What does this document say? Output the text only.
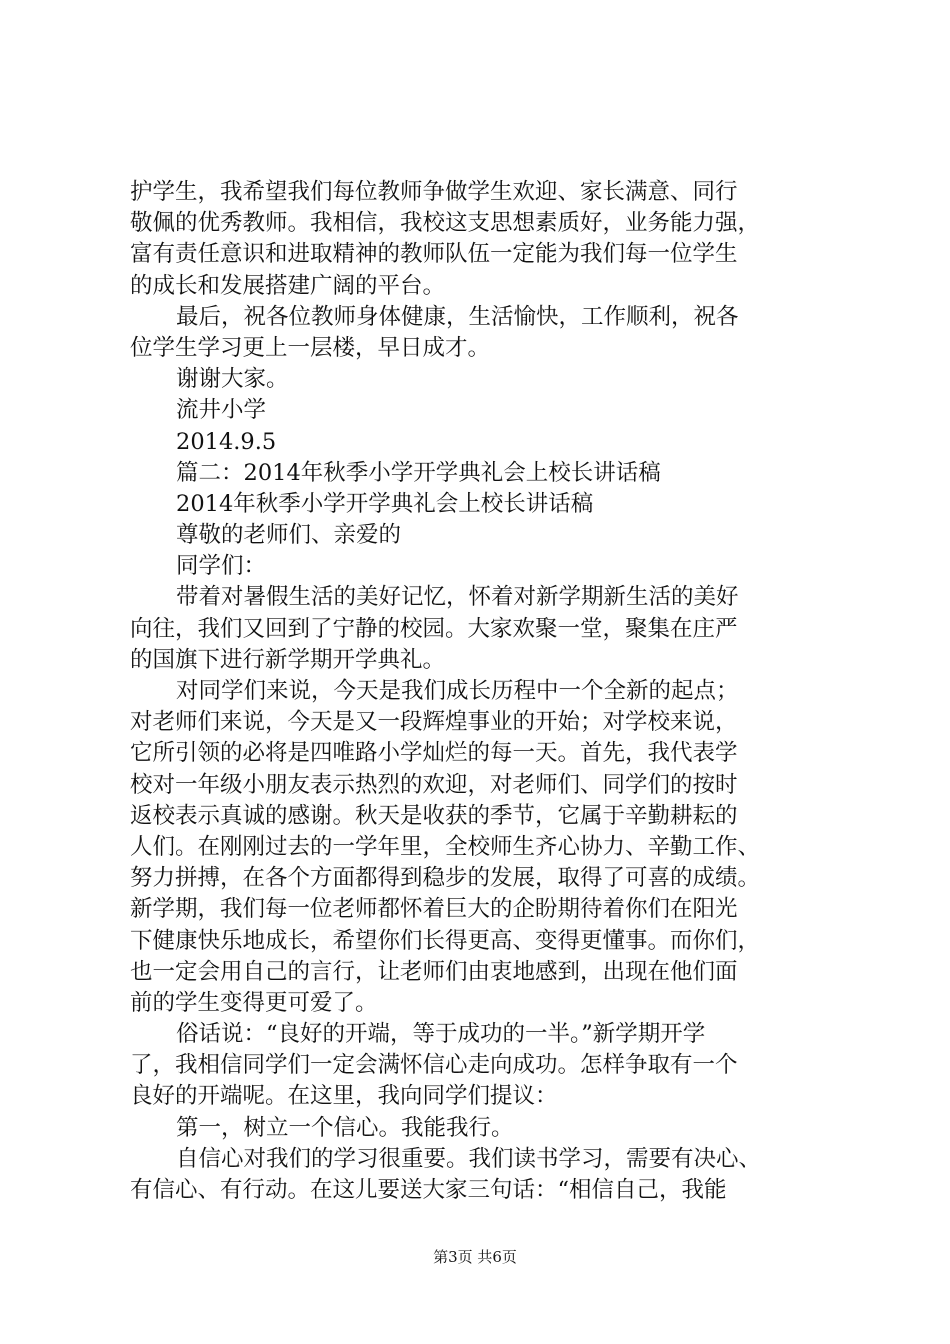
护学生，我希望我们每位教师争做学生欢迎、家长满意、同行

敬佩的优秀教师。我相信，我校这支思想素质好，业务能力强，

富有责任意识和进取精神的教师队伍一定能为我们每一位学生

的成长和发展搭建广阔的平台。

最后，祝各位教师身体健康，生活愉快，工作顺利，祝各

位学生学习更上一层楼，早日成才。

谢谢大家。

流井小学

2014.9.5

篇二：2014年秋季小学开学典礼会上校长讲话稿

2014年秋季小学开学典礼会上校长讲话稿

尊敬的老师们、亲爱的

同学们：

带着对暑假生活的美好记忆，怀着对新学期新生活的美好

向往，我们又回到了宁静的校园。大家欢聚一堂，聚集在庄严

的国旗下进行新学期开学典礼。

对同学们来说，今天是我们成长历程中一个全新的起点；

对老师们来说，今天是又一段辉煌事业的开始；对学校来说，

它所引领的必将是四唯路小学灿烂的每一天。首先，我代表学

校对一年级小朋友表示热烈的欢迎，对老师们、同学们的按时

返校表示真诚的感谢。秋天是收获的季节，它属于辛勤耕耘的

人们。在刚刚过去的一学年里，全校师生齐心协力、辛勤工作、

努力拼搏，在各个方面都得到稳步的发展，取得了可喜的成绩。

新学期，我们每一位老师都怀着巨大的企盼期待着你们在阳光

下健康快乐地成长，希望你们长得更高、变得更懂事。而你们，

也一定会用自己的言行，让老师们由衷地感到，出现在他们面

前的学生变得更可爱了。

俗话说：“良好的开端，等于成功的一半。”新学期开学

了，我相信同学们一定会满怀信心走向成功。怎样争取有一个

良好的开端呢。在这里，我向同学们提议：

第一，树立一个信心。我能我行。

自信心对我们的学习很重要。我们读书学习，需要有决心、

有信心、有行动。在这儿要送大家三句话：“相信自己，我能

第3页 共6页
